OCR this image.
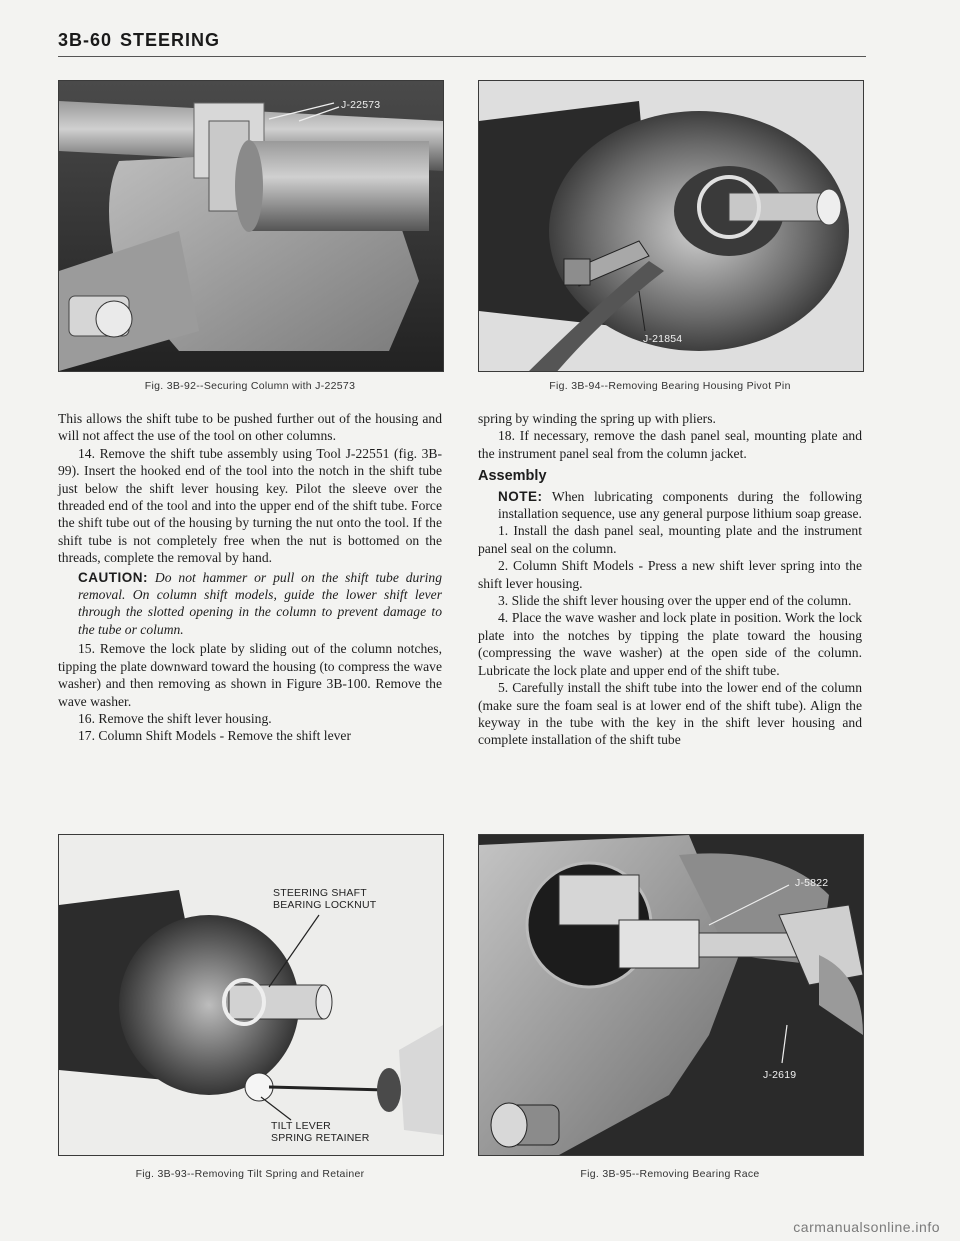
3B-60 STEERING
J-22573
Fig. 3B-92--Securing Column with J-22573
J-21854
Fig. 3B-94--Removing Bearing Housing Pivot Pin

This allows the shift tube to be pushed further out of the housing and will not affect the use of the tool on other columns.

14. Remove the shift tube assembly using Tool J-22551 (fig. 3B-99). Insert the hooked end of the tool into the notch in the shift tube just below the shift lever housing key. Pilot the sleeve over the threaded end of the tool and into the upper end of the shift tube. Force the shift tube out of the housing by turning the nut onto the tool. If the shift tube is not completely free when the nut is bottomed on the threads, complete the removal by hand.

CAUTION: Do not hammer or pull on the shift tube during removal. On column shift models, guide the lower shift lever through the slotted opening in the column to prevent damage to the tube or column.

15. Remove the lock plate by sliding out of the column notches, tipping the plate downward toward the housing (to compress the wave washer) and then removing as shown in Figure 3B-100. Remove the wave washer.

16. Remove the shift lever housing.

17. Column Shift Models - Remove the shift lever

spring by winding the spring up with pliers.

18. If necessary, remove the dash panel seal, mounting plate and the instrument panel seal from the column jacket.

Assembly

NOTE: When lubricating components during the following installation sequence, use any general purpose lithium soap grease.

1. Install the dash panel seal, mounting plate and the instrument panel seal on the column.

2. Column Shift Models - Press a new shift lever spring into the shift lever housing.

3. Slide the shift lever housing over the upper end of the column.

4. Place the wave washer and lock plate in position. Work the lock plate into the notches by tipping the plate toward the housing (compressing the wave washer) at the open side of the column. Lubricate the lock plate and upper end of the shift tube.

5. Carefully install the shift tube into the lower end of the column (make sure the foam seal is at lower end of the shift tube). Align the keyway in the tube with the key in the shift lever housing and complete installation of the shift tube

STEERING SHAFT
BEARING LOCKNUT
TILT LEVER
SPRING RETAINER
Fig. 3B-93--Removing Tilt Spring and Retainer
J-5822
J-2619
Fig. 3B-95--Removing Bearing Race
carmanualsonline.info
